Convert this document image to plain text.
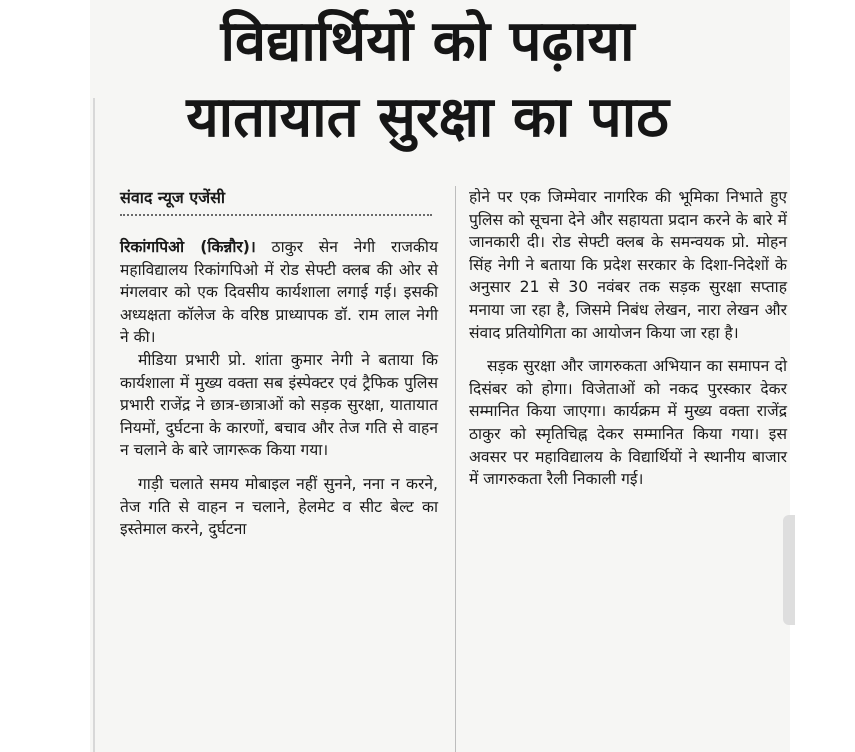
विद्यार्थियों को पढ़ाया
यातायात सुरक्षा का पाठ
संवाद न्यूज एजेंसी

रिकांगपिओ (किन्नौर)। ठाकुर सेन नेगी राजकीय महाविद्यालय रिकांगपिओ में रोड सेफ्टी क्लब की ओर से मंगलवार को एक दिवसीय कार्यशाला लगाई गई। इसकी अध्यक्षता कॉलेज के वरिष्ठ प्राध्यापक डॉ. राम लाल नेगी ने की।

मीडिया प्रभारी प्रो. शांता कुमार नेगी ने बताया कि कार्यशाला में मुख्य वक्ता सब इंस्पेक्टर एवं ट्रैफिक पुलिस प्रभारी राजेंद्र ने छात्र-छात्राओं को सड़क सुरक्षा, यातायात नियमों, दुर्घटना के कारणों, बचाव और तेज गति से वाहन न चलाने के बारे जागरूक किया गया।

गाड़ी चलाते समय मोबाइल नहीं सुनने, नना न करने, तेज गति से वाहन न चलाने, हेलमेट व सीट बेल्ट का इस्तेमाल करने, दुर्घटना

होने पर एक जिम्मेवार नागरिक की भूमिका निभाते हुए पुलिस को सूचना देने और सहायता प्रदान करने के बारे में जानकारी दी। रोड सेफ्टी क्लब के समन्वयक प्रो. मोहन सिंह नेगी ने बताया कि प्रदेश सरकार के दिशा-निदेशों के अनुसार 21 से 30 नवंबर तक सड़क सुरक्षा सप्ताह मनाया जा रहा है, जिसमे निबंध लेखन, नारा लेखन और संवाद प्रतियोगिता का आयोजन किया जा रहा है।

सड़क सुरक्षा और जागरुकता अभियान का समापन दो दिसंबर को होगा। विजेताओं को नकद पुरस्कार देकर सम्मानित किया जाएगा। कार्यक्रम में मुख्य वक्ता राजेंद्र ठाकुर को स्मृतिचिह्न देकर सम्मानित किया गया। इस अवसर पर महाविद्यालय के विद्यार्थियों ने स्थानीय बाजार में जागरुकता रैली निकाली गई।
